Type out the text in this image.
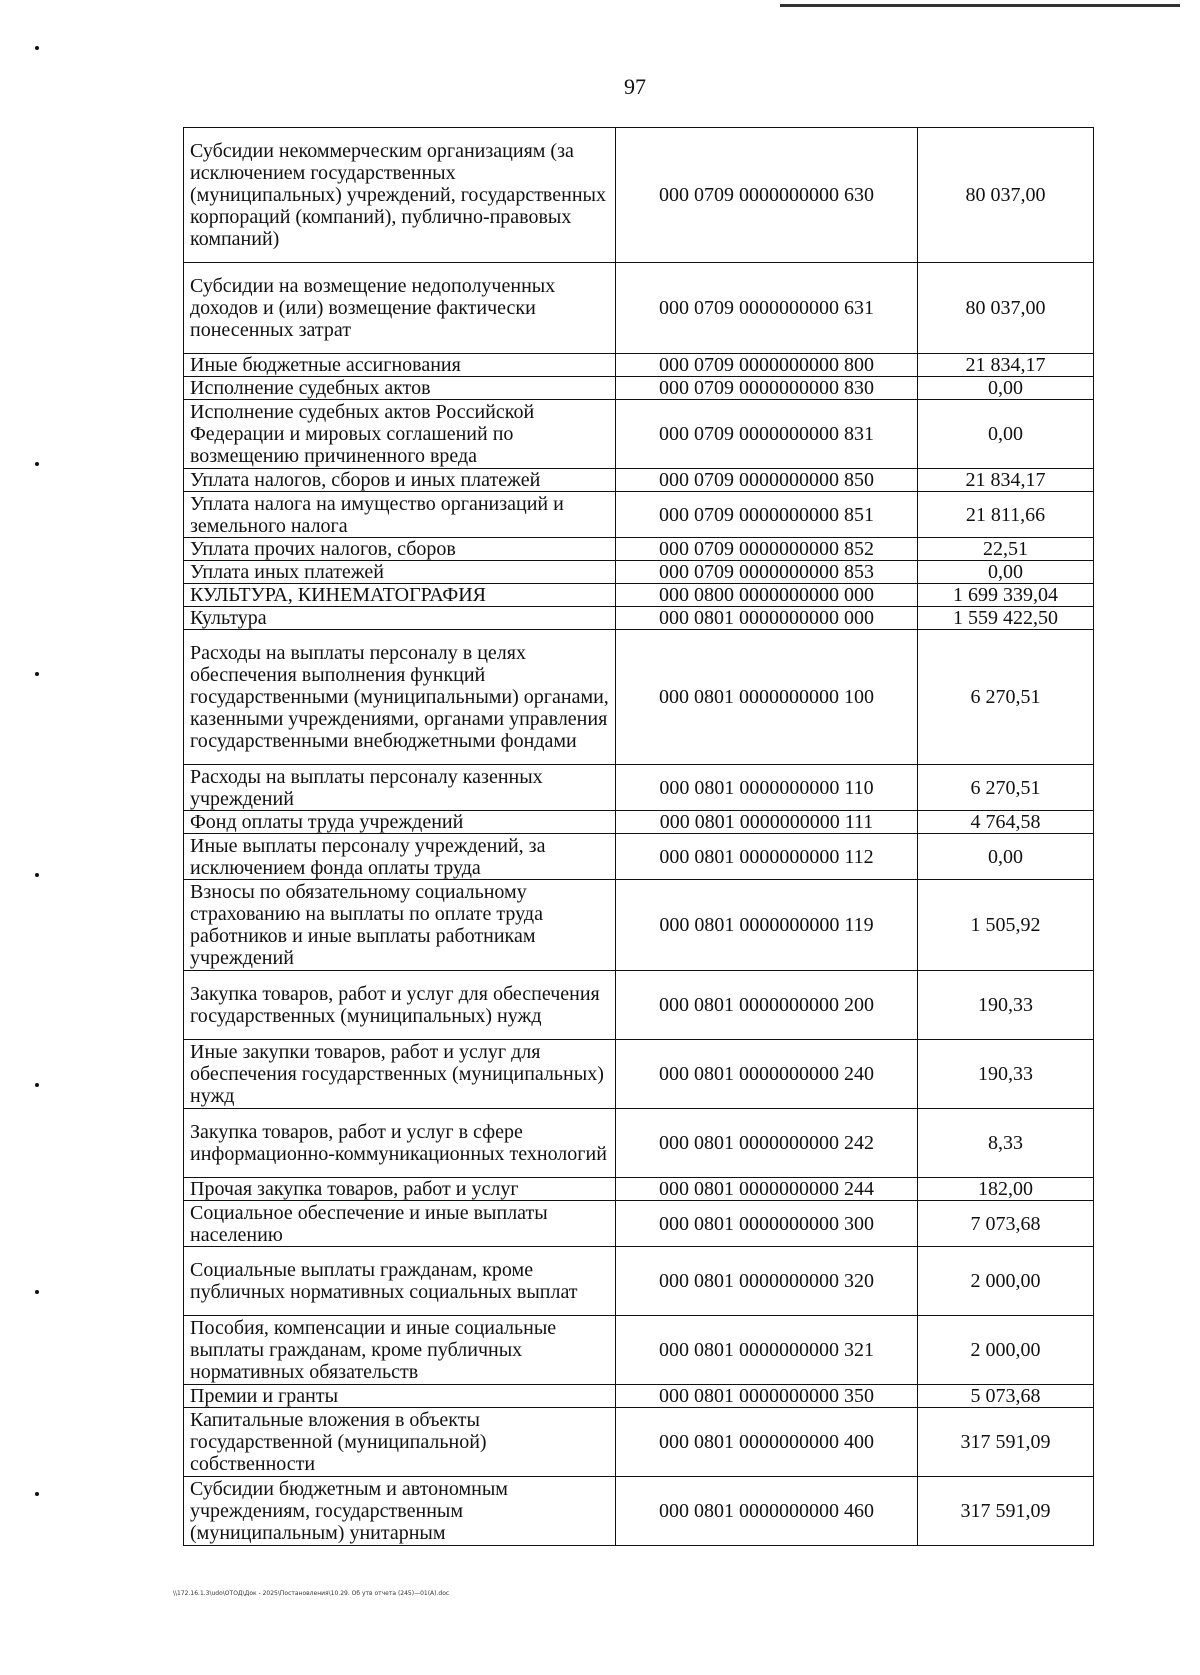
97
Субсидии некоммерческим организациям (за исключением государственных (муниципальных) учреждений, государственных корпораций (компаний), публично-правовых компаний)	000 0709 0000000000 630	80 037,00
Субсидии на возмещение недополученных доходов и (или) возмещение фактически понесенных затрат	000 0709 0000000000 631	80 037,00
Иные бюджетные ассигнования	000 0709 0000000000 800	21 834,17
Исполнение судебных актов	000 0709 0000000000 830	0,00
Исполнение судебных актов Российской Федерации и мировых соглашений по возмещению причиненного вреда	000 0709 0000000000 831	0,00
Уплата налогов, сборов и иных платежей	000 0709 0000000000 850	21 834,17
Уплата налога на имущество организаций и земельного налога	000 0709 0000000000 851	21 811,66
Уплата прочих налогов, сборов	000 0709 0000000000 852	22,51
Уплата иных платежей	000 0709 0000000000 853	0,00
КУЛЬТУРА, КИНЕМАТОГРАФИЯ	000 0800 0000000000 000	1 699 339,04
Культура	000 0801 0000000000 000	1 559 422,50
Расходы на выплаты персоналу в целях обеспечения выполнения функций государственными (муниципальными) органами, казенными учреждениями, органами управления государственными внебюджетными фондами	000 0801 0000000000 100	6 270,51
Расходы на выплаты персоналу казенных учреждений	000 0801 0000000000 110	6 270,51
Фонд оплаты труда учреждений	000 0801 0000000000 111	4 764,58
Иные выплаты персоналу учреждений, за исключением фонда оплаты труда	000 0801 0000000000 112	0,00
Взносы по обязательному социальному страхованию на выплаты по оплате труда работников и иные выплаты работникам учреждений	000 0801 0000000000 119	1 505,92
Закупка товаров, работ и услуг для обеспечения государственных (муниципальных) нужд	000 0801 0000000000 200	190,33
Иные закупки товаров, работ и услуг для обеспечения государственных (муниципальных) нужд	000 0801 0000000000 240	190,33
Закупка товаров, работ и услуг в сфере информационно-коммуникационных технологий	000 0801 0000000000 242	8,33
Прочая закупка товаров, работ и услуг	000 0801 0000000000 244	182,00
Социальное обеспечение и иные выплаты населению	000 0801 0000000000 300	7 073,68
Социальные выплаты гражданам, кроме публичных нормативных социальных выплат	000 0801 0000000000 320	2 000,00
Пособия, компенсации и иные социальные выплаты гражданам, кроме публичных нормативных обязательств	000 0801 0000000000 321	2 000,00
Премии и гранты	000 0801 0000000000 350	5 073,68
Капитальные вложения в объекты государственной (муниципальной) собственности	000 0801 0000000000 400	317 591,09
Субсидии бюджетным и автономным учреждениям, государственным (муниципальным) унитарным	000 0801 0000000000 460	317 591,09
\\172.16.1.3\udo\ОТОД\Док - 2025\Постановления\10.29. Об утв отчета (245)—01(А).doc
